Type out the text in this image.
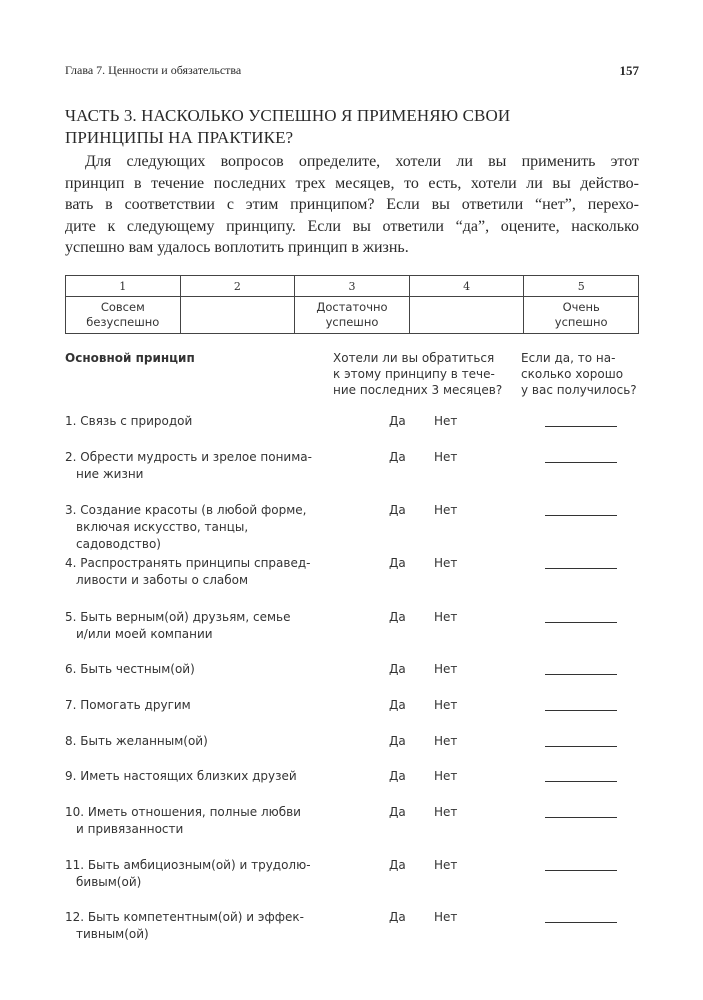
Глава 7. Ценности и обязательства	157
ЧАСТЬ 3. НАСКОЛЬКО УСПЕШНО Я ПРИМЕНЯЮ СВОИ
ПРИНЦИПЫ НА ПРАКТИКЕ?

Для следующих вопросов определите, хотели ли вы применить этот
принцип в течение последних трех месяцев, то есть, хотели ли вы действо-
вать в соответствии с этим принципом? Если вы ответили “нет”, перехо-
дите к следующему принципу. Если вы ответили “да”, оцените, насколько
успешно вам удалось воплотить принцип в жизнь.

1	2	3	4	5
Совсем
безуспешно		Достаточно
успешно		Очень
успешно
Основной принцип	Хотели ли вы обратиться
к этому принципу в тече-
ние последних 3 месяцев?
Если да, то на-
сколько хорошо
у вас получилось?
1. Связь с природой	Да Нет
2. Обрести мудрость и зрелое понима-
ние жизни
Да Нет
3. Создание красоты (в любой форме,
включая искусство, танцы, садоводство)
Да Нет
4. Распространять принципы справед-
ливости и заботы о слабом
Да Нет
5. Быть верным(ой) друзьям, семье
и/или моей компании
Да Нет
6. Быть честным(ой)	Да Нет
7. Помогать другим	Да Нет
8. Быть желанным(ой)	Да Нет
9. Иметь настоящих близких друзей	Да Нет
10. Иметь отношения, полные любви
и привязанности
Да Нет
11. Быть амбициозным(ой) и трудолю-
бивым(ой)
Да Нет
12. Быть компетентным(ой) и эффек-
тивным(ой)
Да Нет
